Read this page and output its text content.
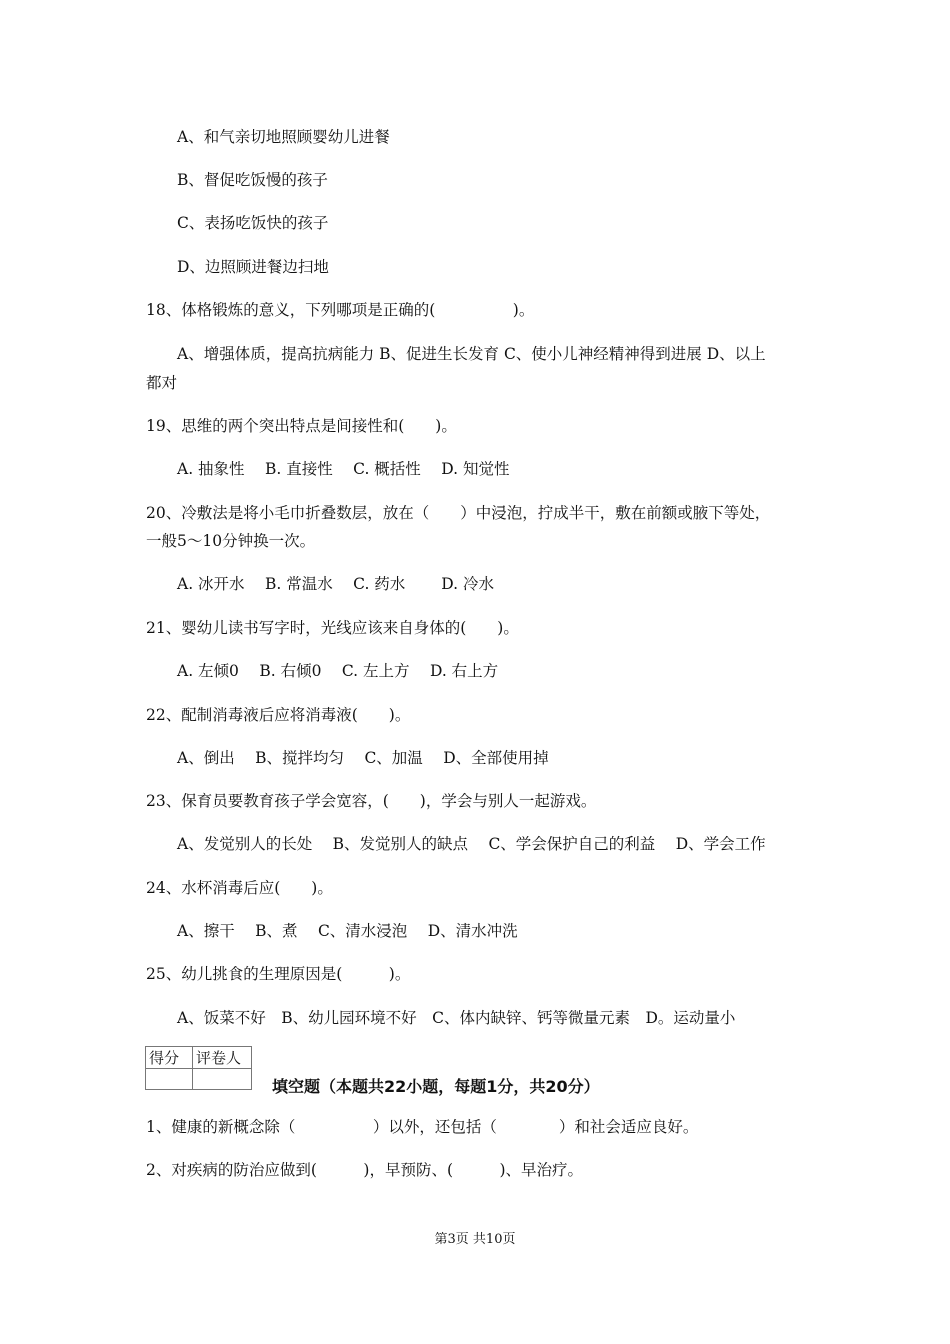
A、和气亲切地照顾婴幼儿进餐
B、督促吃饭慢的孩子
C、表扬吃饭快的孩子
D、边照顾进餐边扫地
18、体格锻炼的意义，下列哪项是正确的(　　　　　)。
A、增强体质，提高抗病能力 B、促进生长发育 C、使小儿神经精神得到进展 D、以上
都对
19、思维的两个突出特点是间接性和(　　)。
A. 抽象性　 B. 直接性　 C. 概括性　 D. 知觉性
20、冷敷法是将小毛巾折叠数层，放在（　　）中浸泡，拧成半干，敷在前额或腋下等处，
一般5～10分钟换一次。
A. 冰开水　 B. 常温水　 C. 药水　　 D. 冷水
21、婴幼儿读书写字时，光线应该来自身体的(　　)。
A. 左倾0　 B. 右倾0　 C. 左上方　 D. 右上方
22、配制消毒液后应将消毒液(　　)。
A、倒出　 B、搅拌均匀　 C、加温　 D、全部使用掉
23、保育员要教育孩子学会宽容，(　　)，学会与别人一起游戏。
A、发觉别人的长处　 B、发觉别人的缺点　 C、学会保护自己的利益　 D、学会工作
24、水杯消毒后应(　　)。
A、擦干　 B、煮　 C、清水浸泡　 D、清水冲洗
25、幼儿挑食的生理原因是(　　　)。
A、饭菜不好　B、幼儿园环境不好　C、体内缺锌、钙等微量元素　D。运动量小
得分	评卷人

填空题（本题共22小题，每题1分，共20分）
1、健康的新概念除（　　　　　）以外，还包括（　　　　）和社会适应良好。
2、对疾病的防治应做到(　　　)，早预防、(　　　)、早治疗。
第3页 共10页
